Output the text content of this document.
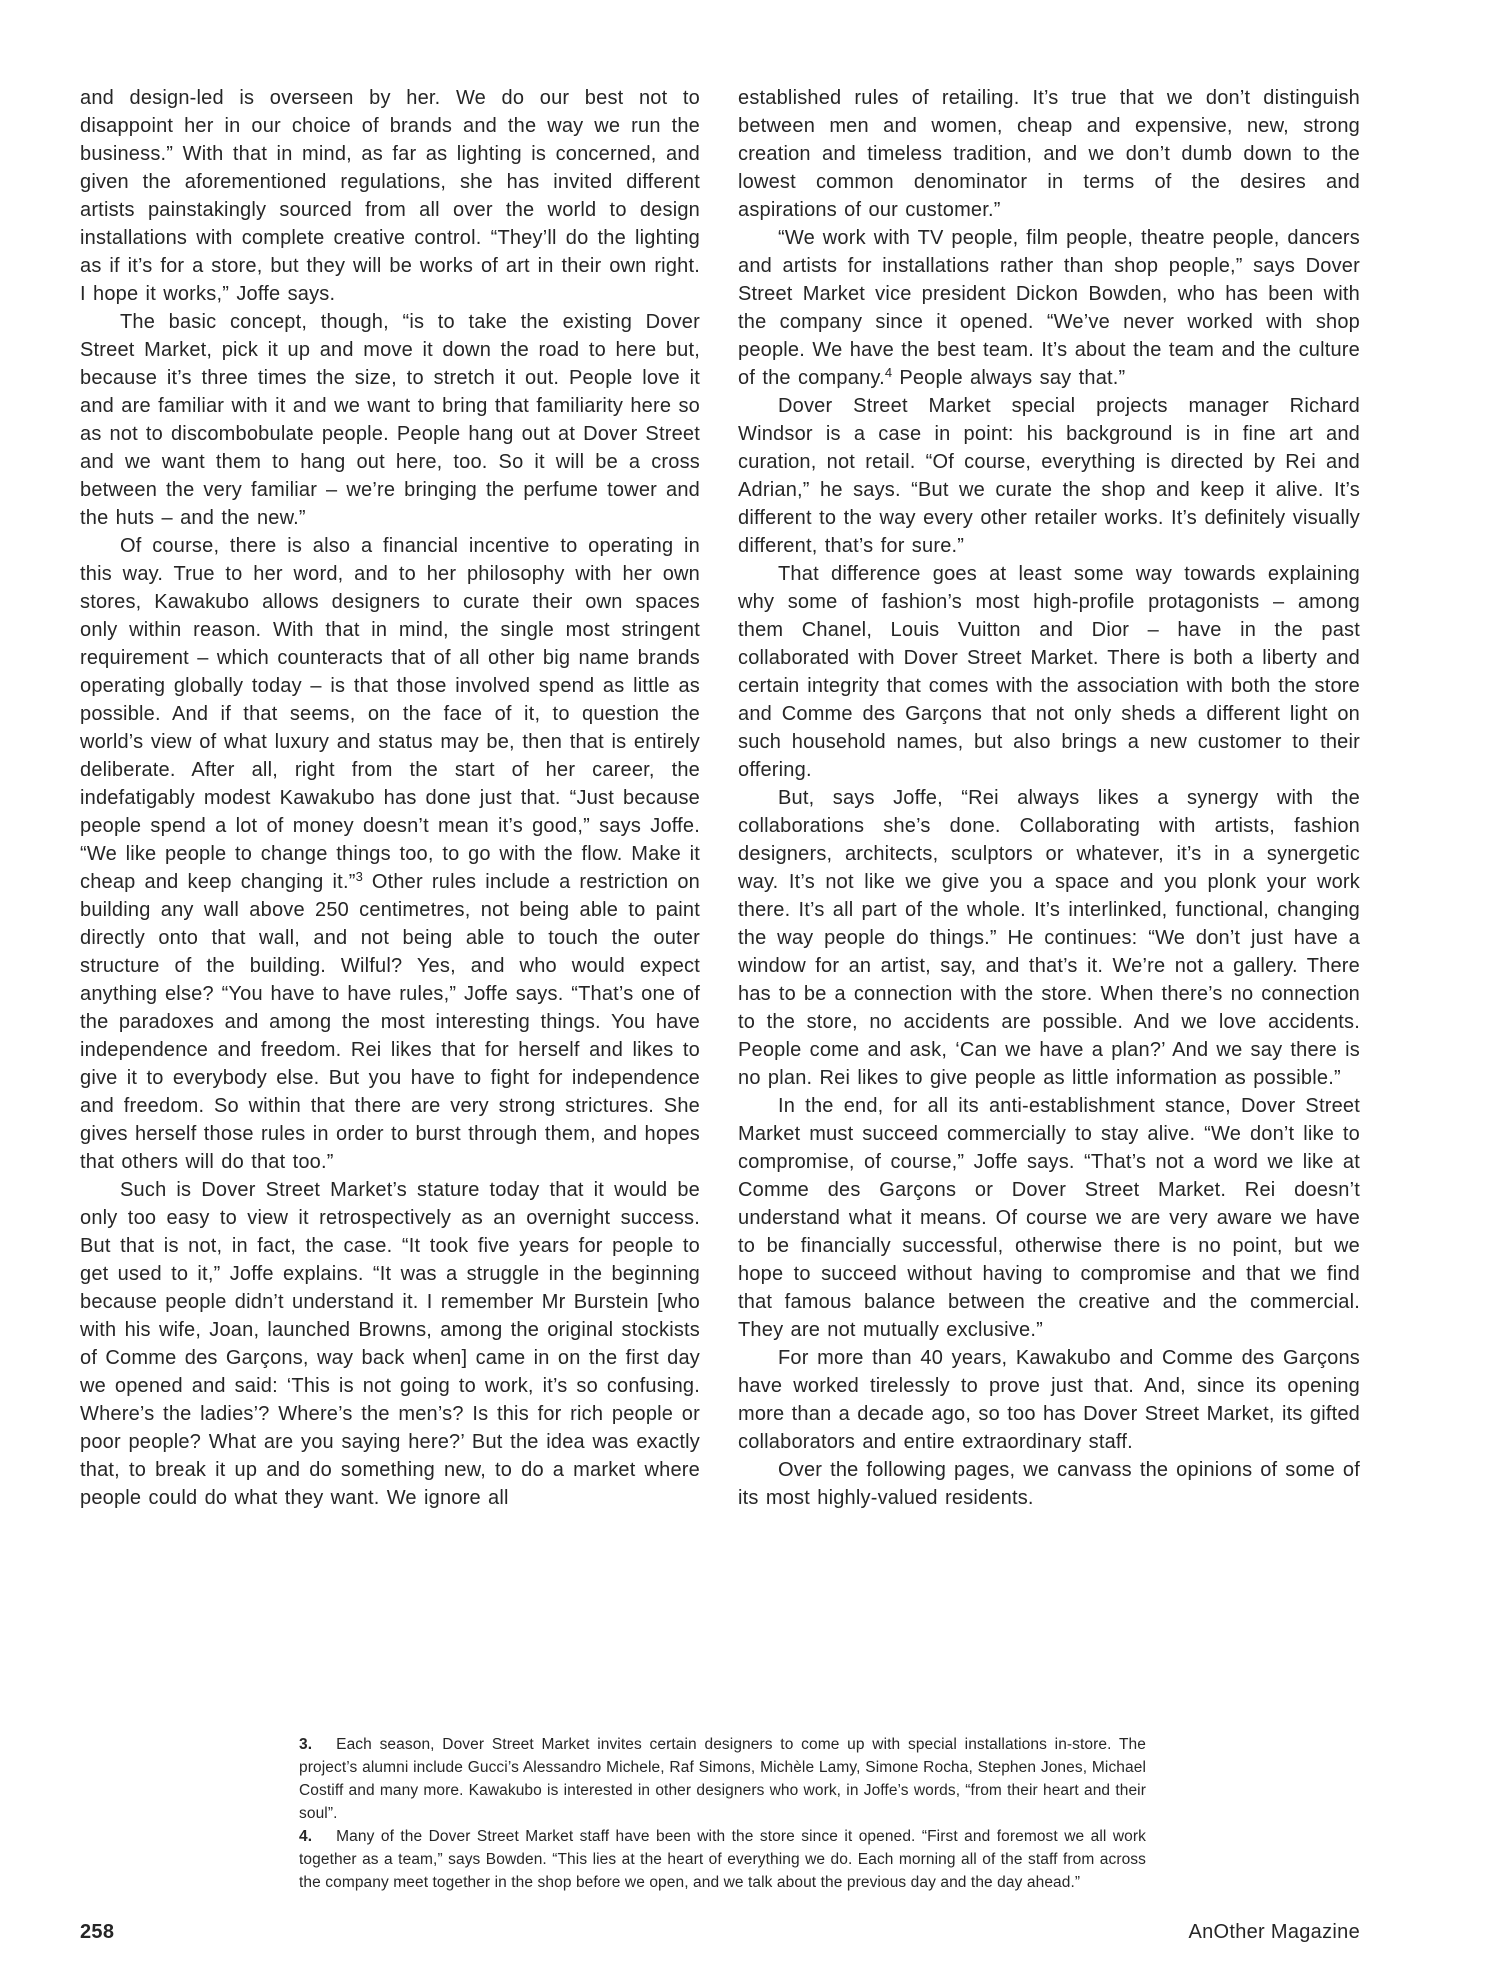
and design-led is overseen by her. We do our best not to disappoint her in our choice of brands and the way we run the business.” With that in mind, as far as lighting is concerned, and given the aforementioned regulations, she has invited different artists painstakingly sourced from all over the world to design installations with complete creative control. “They’ll do the lighting as if it’s for a store, but they will be works of art in their own right. I hope it works,” Joffe says.

The basic concept, though, “is to take the existing Dover Street Market, pick it up and move it down the road to here but, because it’s three times the size, to stretch it out. People love it and are familiar with it and we want to bring that familiarity here so as not to discombobulate people. People hang out at Dover Street and we want them to hang out here, too. So it will be a cross between the very familiar – we’re bringing the perfume tower and the huts – and the new.”

Of course, there is also a financial incentive to operating in this way. True to her word, and to her philosophy with her own stores, Kawakubo allows designers to curate their own spaces only within reason. With that in mind, the single most stringent requirement – which counteracts that of all other big name brands operating globally today – is that those involved spend as little as possible. And if that seems, on the face of it, to question the world’s view of what luxury and status may be, then that is entirely deliberate. After all, right from the start of her career, the indefatigably modest Kawakubo has done just that. “Just because people spend a lot of money doesn’t mean it’s good,” says Joffe. “We like people to change things too, to go with the flow. Make it cheap and keep changing it.”$^3$ Other rules include a restriction on building any wall above 250 centimetres, not being able to paint directly onto that wall, and not being able to touch the outer structure of the building. Wilful? Yes, and who would expect anything else? “You have to have rules,” Joffe says. “That’s one of the paradoxes and among the most interesting things. You have independence and freedom. Rei likes that for herself and likes to give it to everybody else. But you have to fight for independence and freedom. So within that there are very strong strictures. She gives herself those rules in order to burst through them, and hopes that others will do that too.”

Such is Dover Street Market’s stature today that it would be only too easy to view it retrospectively as an overnight success. But that is not, in fact, the case. “It took five years for people to get used to it,” Joffe explains. “It was a struggle in the beginning because people didn’t understand it. I remember Mr Burstein [who with his wife, Joan, launched Browns, among the original stockists of Comme des Garçons, way back when] came in on the first day we opened and said: ‘This is not going to work, it’s so confusing. Where’s the ladies’? Where’s the men’s? Is this for rich people or poor people? What are you saying here?’ But the idea was exactly that, to break it up and do something new, to do a market where people could do what they want. We ignore all

established rules of retailing. It’s true that we don’t distinguish between men and women, cheap and expensive, new, strong creation and timeless tradition, and we don’t dumb down to the lowest common denominator in terms of the desires and aspirations of our customer.”

“We work with TV people, film people, theatre people, dancers and artists for installations rather than shop people,” says Dover Street Market vice president Dickon Bowden, who has been with the company since it opened. “We’ve never worked with shop people. We have the best team. It’s about the team and the culture of the company.$^4$ People always say that.”

Dover Street Market special projects manager Richard Windsor is a case in point: his background is in fine art and curation, not retail. “Of course, everything is directed by Rei and Adrian,” he says. “But we curate the shop and keep it alive. It’s different to the way every other retailer works. It’s definitely visually different, that’s for sure.”

That difference goes at least some way towards explaining why some of fashion’s most high-profile protagonists – among them Chanel, Louis Vuitton and Dior – have in the past collaborated with Dover Street Market. There is both a liberty and certain integrity that comes with the association with both the store and Comme des Garçons that not only sheds a different light on such household names, but also brings a new customer to their offering.

But, says Joffe, “Rei always likes a synergy with the collaborations she’s done. Collaborating with artists, fashion designers, architects, sculptors or whatever, it’s in a synergetic way. It’s not like we give you a space and you plonk your work there. It’s all part of the whole. It’s interlinked, functional, changing the way people do things.” He continues: “We don’t just have a window for an artist, say, and that’s it. We’re not a gallery. There has to be a connection with the store. When there’s no connection to the store, no accidents are possible. And we love accidents. People come and ask, ‘Can we have a plan?’ And we say there is no plan. Rei likes to give people as little information as possible.”

In the end, for all its anti-establishment stance, Dover Street Market must succeed commercially to stay alive. “We don’t like to compromise, of course,” Joffe says. “That’s not a word we like at Comme des Garçons or Dover Street Market. Rei doesn’t understand what it means. Of course we are very aware we have to be financially successful, otherwise there is no point, but we hope to succeed without having to compromise and that we find that famous balance between the creative and the commercial. They are not mutually exclusive.”

For more than 40 years, Kawakubo and Comme des Garçons have worked tirelessly to prove just that. And, since its opening more than a decade ago, so too has Dover Street Market, its gifted collaborators and entire extraordinary staff.

Over the following pages, we canvass the opinions of some of its most highly-valued residents.

3. Each season, Dover Street Market invites certain designers to come up with special installations in-store. The project’s alumni include Gucci’s Alessandro Michele, Raf Simons, Michèle Lamy, Simone Rocha, Stephen Jones, Michael Costiff and many more. Kawakubo is interested in other designers who work, in Joffe’s words, “from their heart and their soul”.

4. Many of the Dover Street Market staff have been with the store since it opened. “First and foremost we all work together as a team,” says Bowden. “This lies at the heart of everything we do. Each morning all of the staff from across the company meet together in the shop before we open, and we talk about the previous day and the day ahead.”

258	AnOther Magazine
